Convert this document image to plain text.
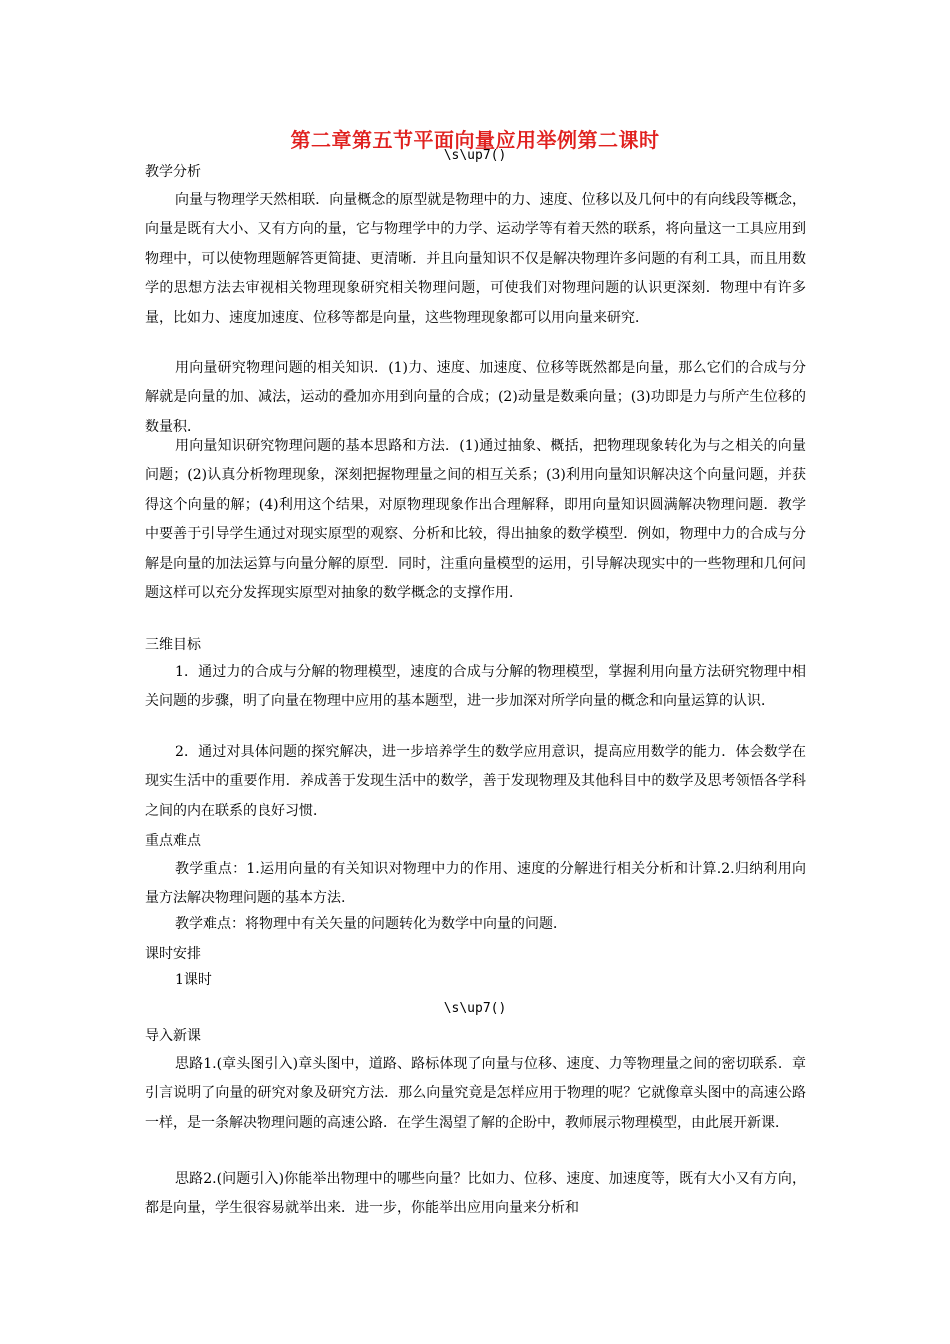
第二章第五节平面向量应用举例第二课时
\s\up7()
教学分析
向量与物理学天然相联．向量概念的原型就是物理中的力、速度、位移以及几何中的有向线段等概念，向量是既有大小、又有方向的量，它与物理学中的力学、运动学等有着天然的联系，将向量这一工具应用到物理中，可以使物理题解答更简捷、更清晰．并且向量知识不仅是解决物理许多问题的有利工具，而且用数学的思想方法去审视相关物理现象研究相关物理问题，可使我们对物理问题的认识更深刻．物理中有许多量，比如力、速度加速度、位移等都是向量，这些物理现象都可以用向量来研究．
用向量研究物理问题的相关知识．(1)力、速度、加速度、位移等既然都是向量，那么它们的合成与分解就是向量的加、减法，运动的叠加亦用到向量的合成；(2)动量是数乘向量；(3)功即是力与所产生位移的数量积．
用向量知识研究物理问题的基本思路和方法．(1)通过抽象、概括，把物理现象转化为与之相关的向量问题；(2)认真分析物理现象，深刻把握物理量之间的相互关系；(3)利用向量知识解决这个向量问题，并获得这个向量的解；(4)利用这个结果，对原物理现象作出合理解释，即用向量知识圆满解决物理问题．教学中要善于引导学生通过对现实原型的观察、分析和比较，得出抽象的数学模型．例如，物理中力的合成与分解是向量的加法运算与向量分解的原型．同时，注重向量模型的运用，引导解决现实中的一些物理和几何问题这样可以充分发挥现实原型对抽象的数学概念的支撑作用．
三维目标
1．通过力的合成与分解的物理模型，速度的合成与分解的物理模型，掌握利用向量方法研究物理中相关问题的步骤，明了向量在物理中应用的基本题型，进一步加深对所学向量的概念和向量运算的认识．
2．通过对具体问题的探究解决，进一步培养学生的数学应用意识，提高应用数学的能力．体会数学在现实生活中的重要作用．养成善于发现生活中的数学，善于发现物理及其他科目中的数学及思考领悟各学科之间的内在联系的良好习惯．
重点难点
教学重点：1.运用向量的有关知识对物理中力的作用、速度的分解进行相关分析和计算.2.归纳利用向量方法解决物理问题的基本方法.
教学难点：将物理中有关矢量的问题转化为数学中向量的问题．
课时安排
1课时
\s\up7()
导入新课
思路1.(章头图引入)章头图中，道路、路标体现了向量与位移、速度、力等物理量之间的密切联系．章引言说明了向量的研究对象及研究方法．那么向量究竟是怎样应用于物理的呢？它就像章头图中的高速公路一样，是一条解决物理问题的高速公路．在学生渴望了解的企盼中，教师展示物理模型，由此展开新课．
思路2.(问题引入)你能举出物理中的哪些向量？比如力、位移、速度、加速度等，既有大小又有方向，都是向量，学生很容易就举出来．进一步，你能举出应用向量来分析和
